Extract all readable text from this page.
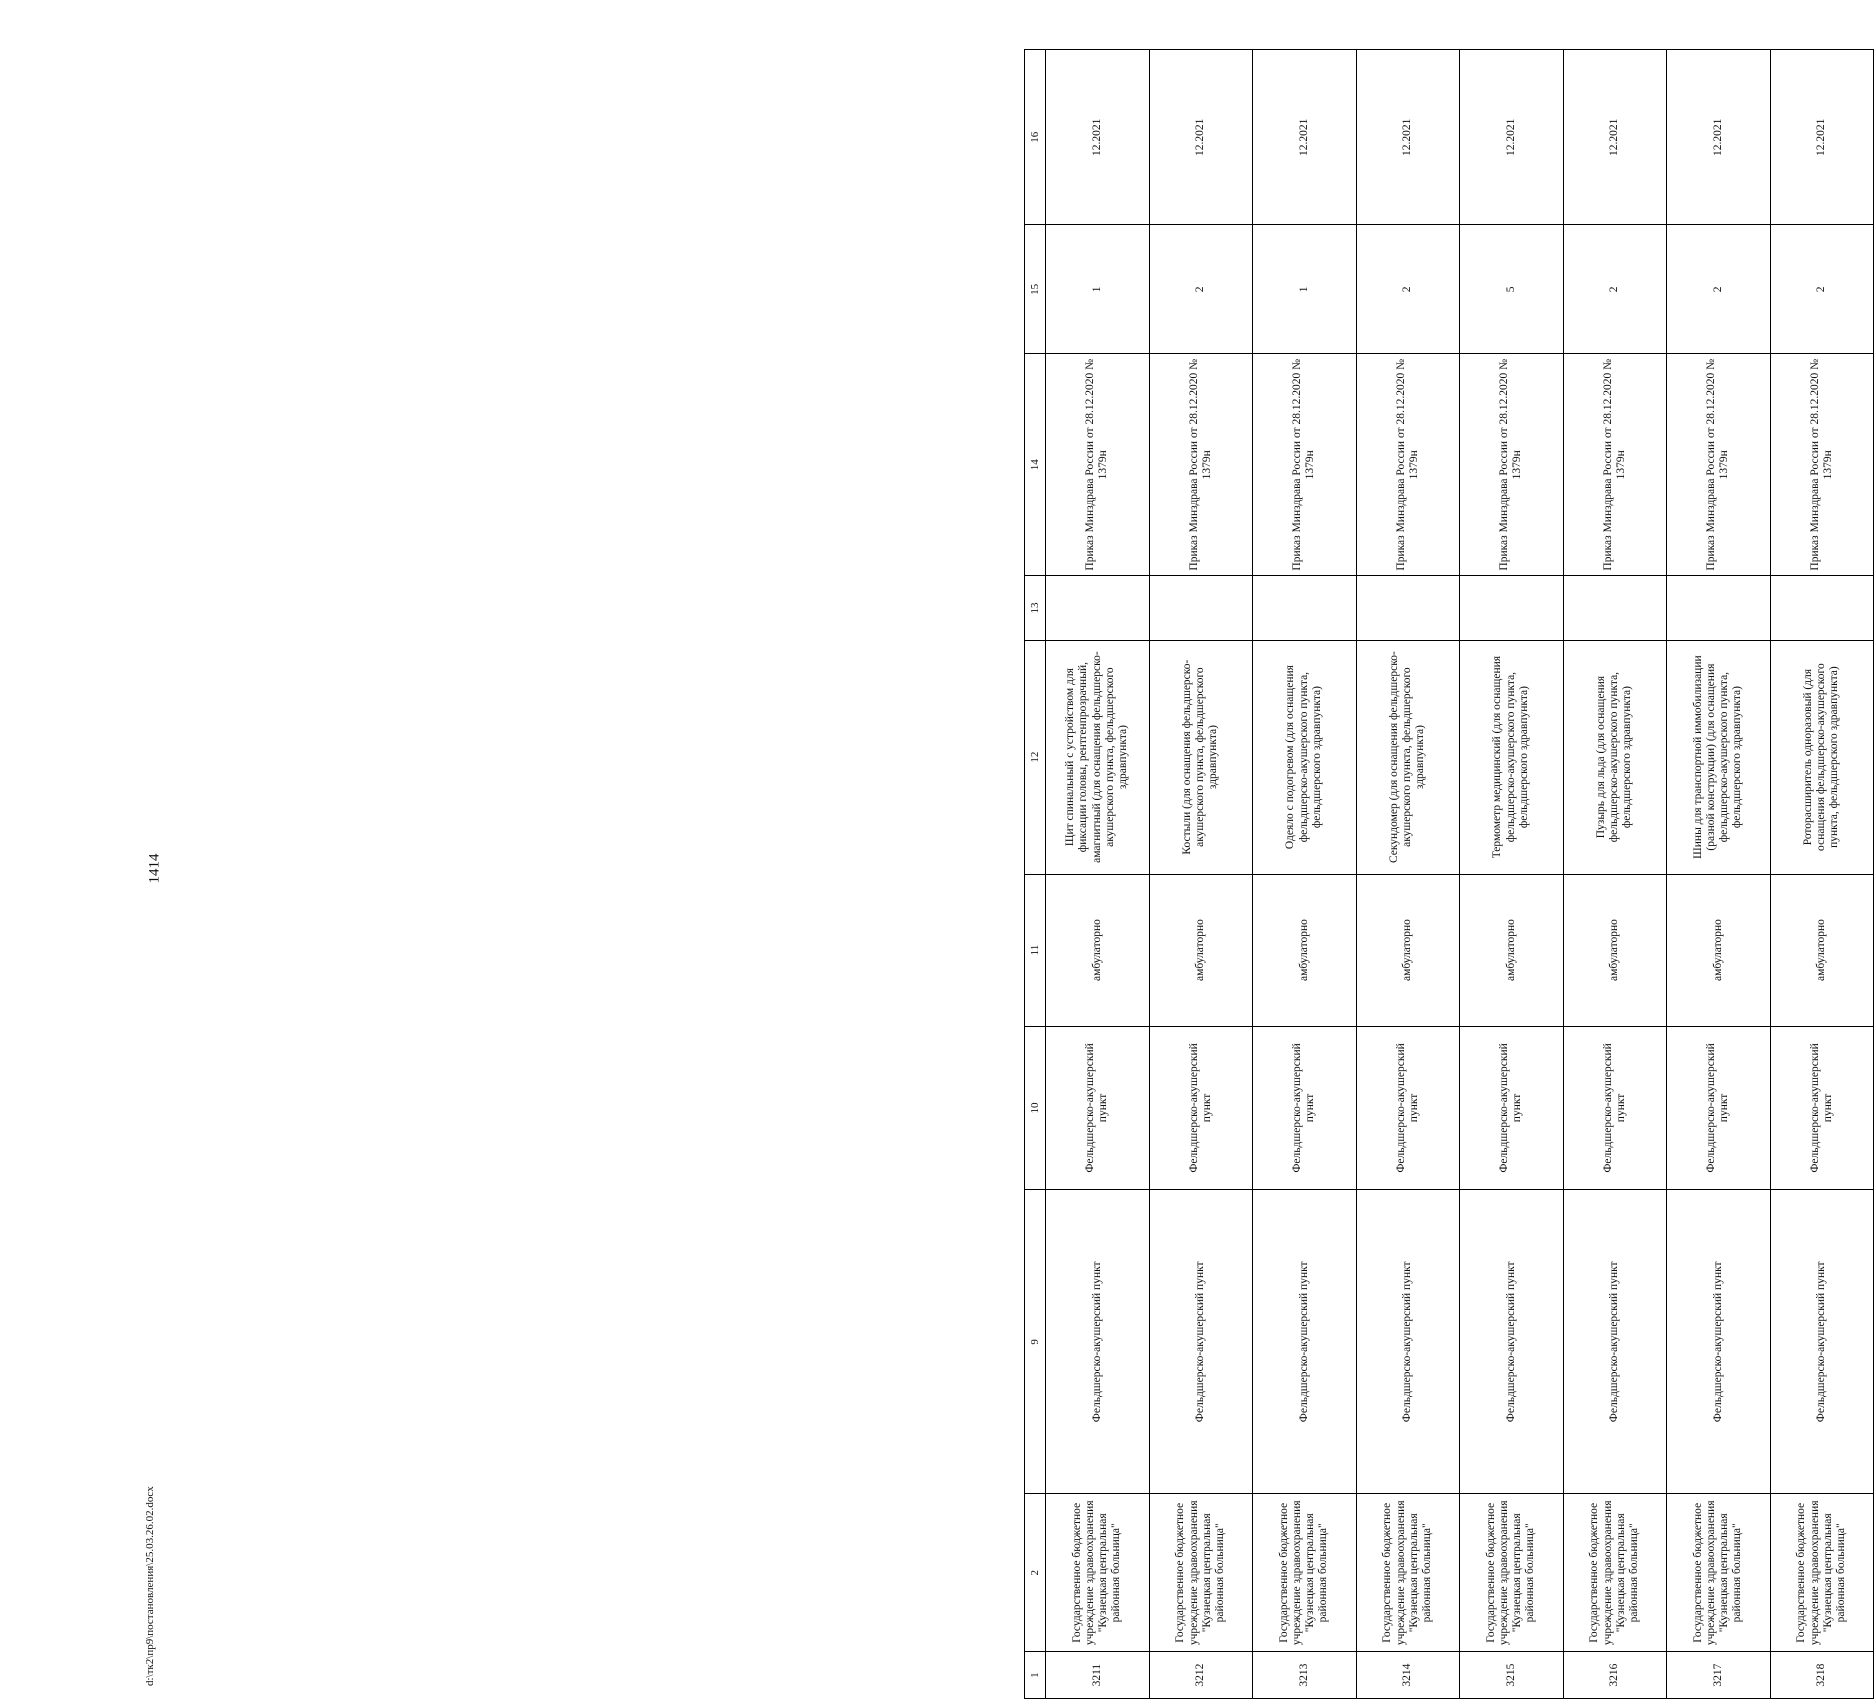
1414
1	2	9	10	11	12	13	14	15	16
3211	Государственное бюджетное учреждение здравоохранения "Кузнецкая центральная районная больница"	Фельдшерско-акушерский пункт	Фельдшерско-акушерский пункт	амбулаторно	Щит спинальный с устройством для фиксации головы, рентгенпрозрачный, амагнитный (для оснащения фельдшерско-акушерского пункта, фельдшерского здравпункта)		Приказ Минздрава России от 28.12.2020 № 1379н	1	12.2021
3212	Государственное бюджетное учреждение здравоохранения "Кузнецкая центральная районная больница"	Фельдшерско-акушерский пункт	Фельдшерско-акушерский пункт	амбулаторно	Костыли (для оснащения фельдшерско-акушерского пункта, фельдшерского здравпункта)		Приказ Минздрава России от 28.12.2020 № 1379н	2	12.2021
3213	Государственное бюджетное учреждение здравоохранения "Кузнецкая центральная районная больница"	Фельдшерско-акушерский пункт	Фельдшерско-акушерский пункт	амбулаторно	Одеяло с подогревом (для оснащения фельдшерско-акушерского пункта, фельдшерского здравпункта)		Приказ Минздрава России от 28.12.2020 № 1379н	1	12.2021
3214	Государственное бюджетное учреждение здравоохранения "Кузнецкая центральная районная больница"	Фельдшерско-акушерский пункт	Фельдшерско-акушерский пункт	амбулаторно	Секундомер (для оснащения фельдшерско-акушерского пункта, фельдшерского здравпункта)		Приказ Минздрава России от 28.12.2020 № 1379н	2	12.2021
3215	Государственное бюджетное учреждение здравоохранения "Кузнецкая центральная районная больница"	Фельдшерско-акушерский пункт	Фельдшерско-акушерский пункт	амбулаторно	Термометр медицинский (для оснащения фельдшерско-акушерского пункта, фельдшерского здравпункта)		Приказ Минздрава России от 28.12.2020 № 1379н	5	12.2021
3216	Государственное бюджетное учреждение здравоохранения "Кузнецкая центральная районная больница"	Фельдшерско-акушерский пункт	Фельдшерско-акушерский пункт	амбулаторно	Пузырь для льда (для оснащения фельдшерско-акушерского пункта, фельдшерского здравпункта)		Приказ Минздрава России от 28.12.2020 № 1379н	2	12.2021
3217	Государственное бюджетное учреждение здравоохранения "Кузнецкая центральная районная больница"	Фельдшерско-акушерский пункт	Фельдшерско-акушерский пункт	амбулаторно	Шины для транспортной иммобилизации (разной конструкции) (для оснащения фельдшерско-акушерского пункта, фельдшерского здравпункта)		Приказ Минздрава России от 28.12.2020 № 1379н	2	12.2021
3218	Государственное бюджетное учреждение здравоохранения "Кузнецкая центральная районная больница"	Фельдшерско-акушерский пункт	Фельдшерско-акушерский пункт	амбулаторно	Роторасширитель одноразовый (для оснащения фельдшерско-акушерского пункта, фельдшерского здравпункта)		Приказ Минздрава России от 28.12.2020 № 1379н	2	12.2021
d:\тк2\пр9\постановления\25.03.26.02.docx
